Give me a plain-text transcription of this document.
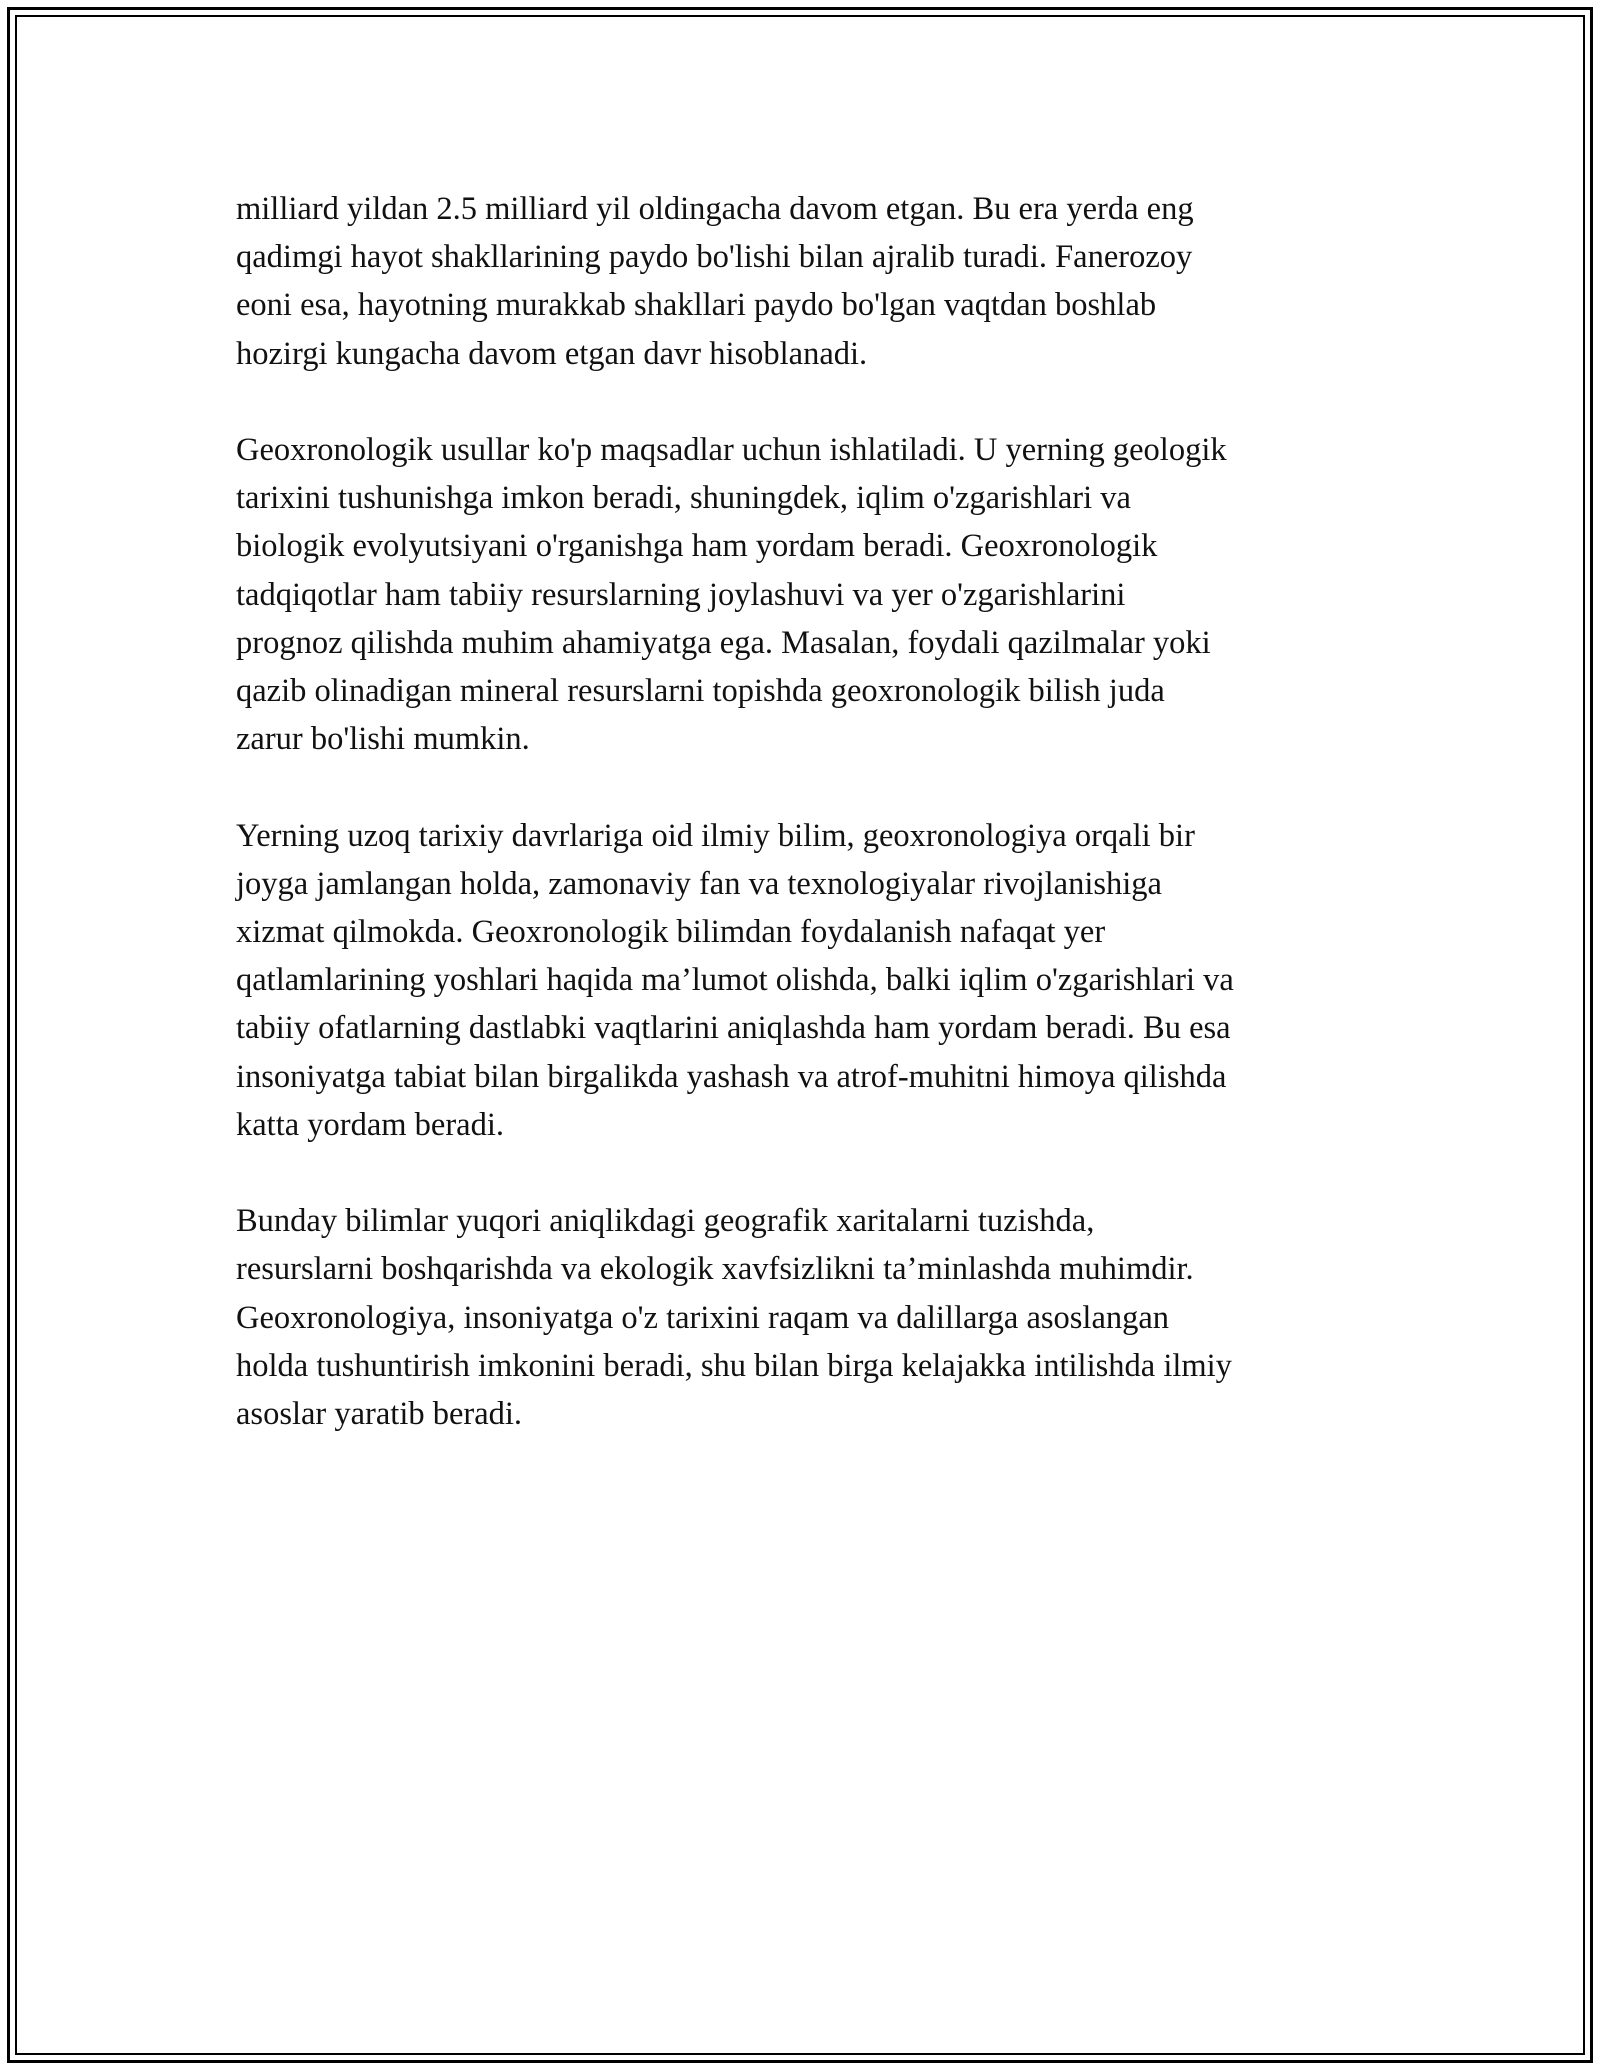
milliard yildan 2.5 milliard yil oldingacha davom etgan. Bu era yerda eng
qadimgi hayot shakllarining paydo bo'lishi bilan ajralib turadi. Fanerozoy
eoni esa, hayotning murakkab shakllari paydo bo'lgan vaqtdan boshlab
hozirgi kungacha davom etgan davr hisoblanadi.

Geoxronologik usullar ko'p maqsadlar uchun ishlatiladi. U yerning geologik
tarixini tushunishga imkon beradi, shuningdek, iqlim o'zgarishlari va
biologik evolyutsiyani o'rganishga ham yordam beradi. Geoxronologik
tadqiqotlar ham tabiiy resurslarning joylashuvi va yer o'zgarishlarini
prognoz qilishda muhim ahamiyatga ega. Masalan, foydali qazilmalar yoki
qazib olinadigan mineral resurslarni topishda geoxronologik bilish juda
zarur bo'lishi mumkin.

Yerning uzoq tarixiy davrlariga oid ilmiy bilim, geoxronologiya orqali bir
joyga jamlangan holda, zamonaviy fan va texnologiyalar rivojlanishiga
xizmat qilmokda. Geoxronologik bilimdan foydalanish nafaqat yer
qatlamlarining yoshlari haqida ma’lumot olishda, balki iqlim o'zgarishlari va
tabiiy ofatlarning dastlabki vaqtlarini aniqlashda ham yordam beradi. Bu esa
insoniyatga tabiat bilan birgalikda yashash va atrof-muhitni himoya qilishda
katta yordam beradi.

Bunday bilimlar yuqori aniqlikdagi geografik xaritalarni tuzishda,
resurslarni boshqarishda va ekologik xavfsizlikni ta’minlashda muhimdir.
Geoxronologiya, insoniyatga o'z tarixini raqam va dalillarga asoslangan
holda tushuntirish imkonini beradi, shu bilan birga kelajakka intilishda ilmiy
asoslar yaratib beradi.
